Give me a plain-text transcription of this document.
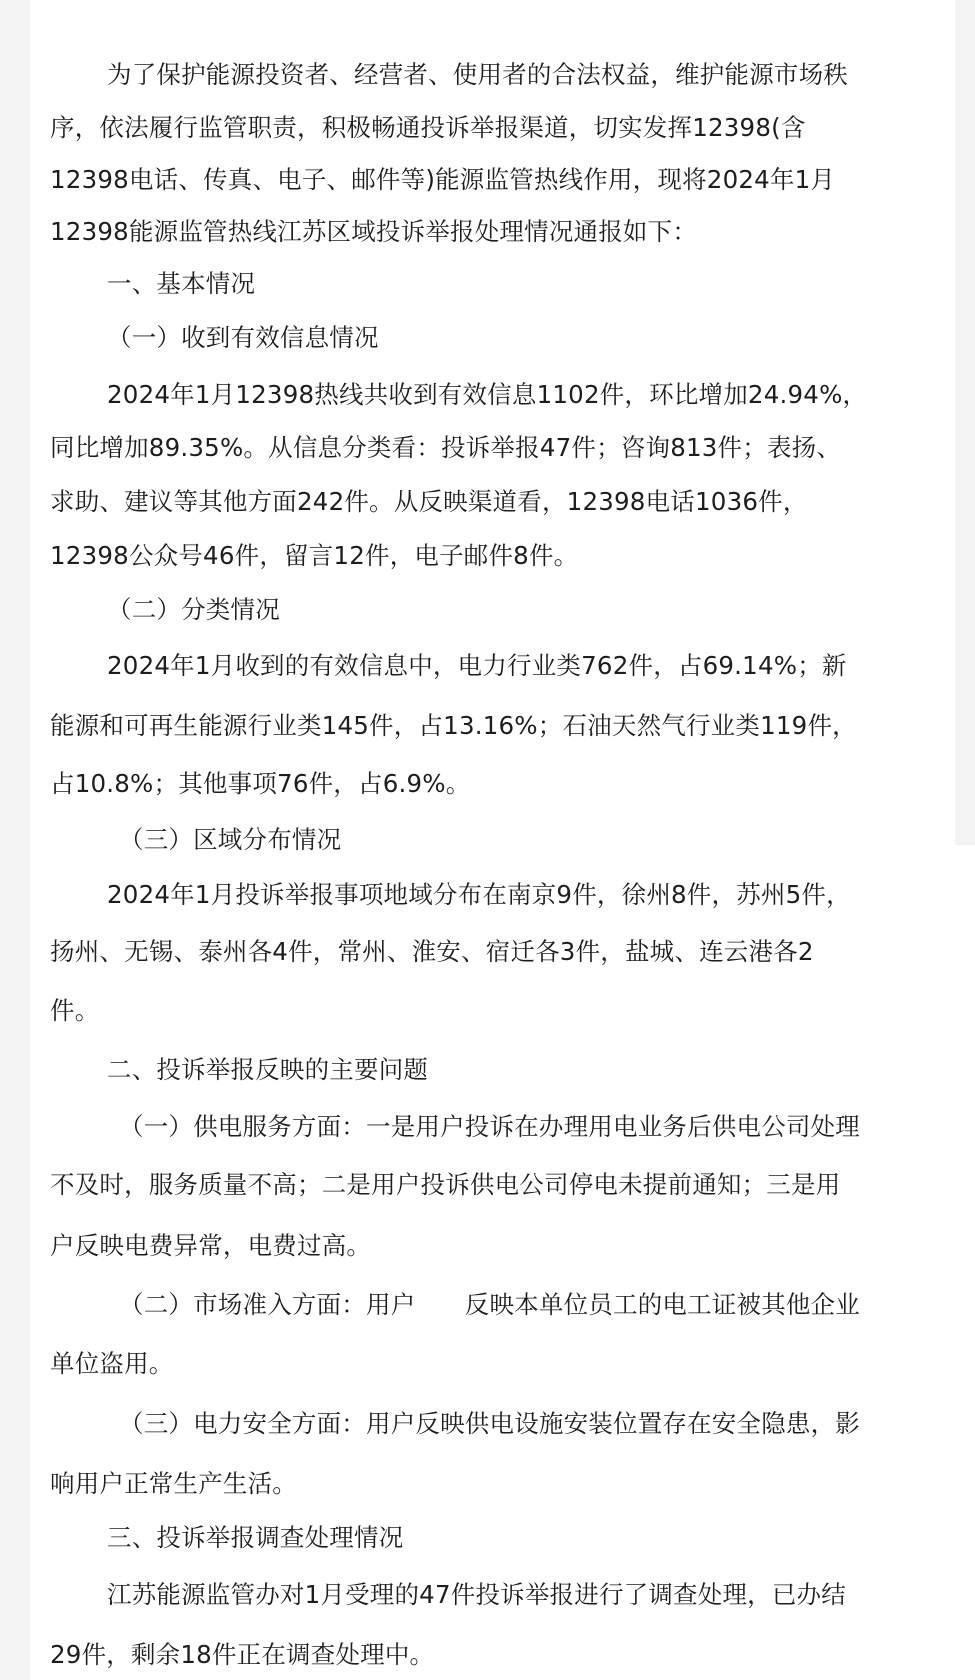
为了保护能源投资者、经营者、使用者的合法权益，维护能源市场秩
序，依法履行监管职责，积极畅通投诉举报渠道，切实发挥12398(含
12398电话、传真、电子、邮件等)能源监管热线作用，现将2024年1月
12398能源监管热线江苏区域投诉举报处理情况通报如下：
一、基本情况
（一）收到有效信息情况
2024年1月12398热线共收到有效信息1102件，环比增加24.94%，
同比增加89.35%。从信息分类看：投诉举报47件；咨询813件；表扬、
求助、建议等其他方面242件。从反映渠道看，12398电话1036件，
12398公众号46件，留言12件，电子邮件8件。
（二）分类情况
2024年1月收到的有效信息中，电力行业类762件，占69.14%；新
能源和可再生能源行业类145件，占13.16%；石油天然气行业类119件，
占10.8%；其他事项76件，占6.9%。
（三）区域分布情况
2024年1月投诉举报事项地域分布在南京9件，徐州8件，苏州5件，
扬州、无锡、泰州各4件，常州、淮安、宿迁各3件，盐城、连云港各2
件。
二、投诉举报反映的主要问题
（一）供电服务方面：一是用户投诉在办理用电业务后供电公司处理
不及时，服务质量不高；二是用户投诉供电公司停电未提前通知；三是用
户反映电费异常，电费过高。
（二）市场准入方面：用户　　反映本单位员工的电工证被其他企业
单位盗用。
（三）电力安全方面：用户反映供电设施安装位置存在安全隐患，影
响用户正常生产生活。
三、投诉举报调查处理情况
江苏能源监管办对1月受理的47件投诉举报进行了调查处理，已办结
29件，剩余18件正在调查处理中。
